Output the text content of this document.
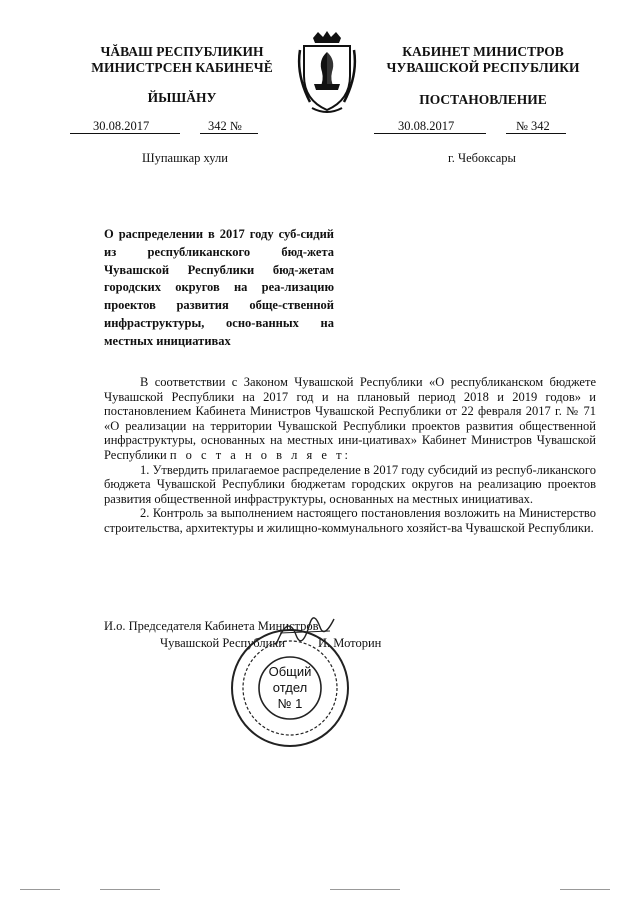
ЧĂВАШ РЕСПУБЛИКИН
МИНИСТРСЕН КАБИНЕЧĚ
ЙЫШĂНУ
КАБИНЕТ МИНИСТРОВ
ЧУВАШСКОЙ РЕСПУБЛИКИ
ПОСТАНОВЛЕНИЕ
30.08.2017	342 №	30.08.2017	№ 342
Шупашкар хули	г. Чебоксары
О распределении в 2017 году суб-сидий из республиканского бюд-жета Чувашской Республики бюд-жетам городских округов на реа-лизацию проектов развития обще-ственной инфраструктуры, осно-ванных на местных инициативах

В соответствии с Законом Чувашской Республики «О республиканском бюджете Чувашской Республики на 2017 год и на плановый период 2018 и 2019 годов» и постановлением Кабинета Министров Чувашской Республики от 22 февраля 2017 г. № 71 «О реализации на территории Чувашской Республики проектов развития общественной инфраструктуры, основанных на местных ини-циативах» Кабинет Министров Чувашской Республики п о с т а н о в л я е т:

1. Утвердить прилагаемое распределение в 2017 году субсидий из респуб-ликанского бюджета Чувашской Республики бюджетам городских округов на реализацию проектов развития общественной инфраструктуры, основанных на местных инициативах.

2. Контроль за выполнением настоящего постановления возложить на Министерство строительства, архитектуры и жилищно-коммунального хозяйст-ва Чувашской Республики.

И.о. Председателя Кабинета Министров
Чувашской Республики	И. Моторин
Общий
отдел
№ 1
